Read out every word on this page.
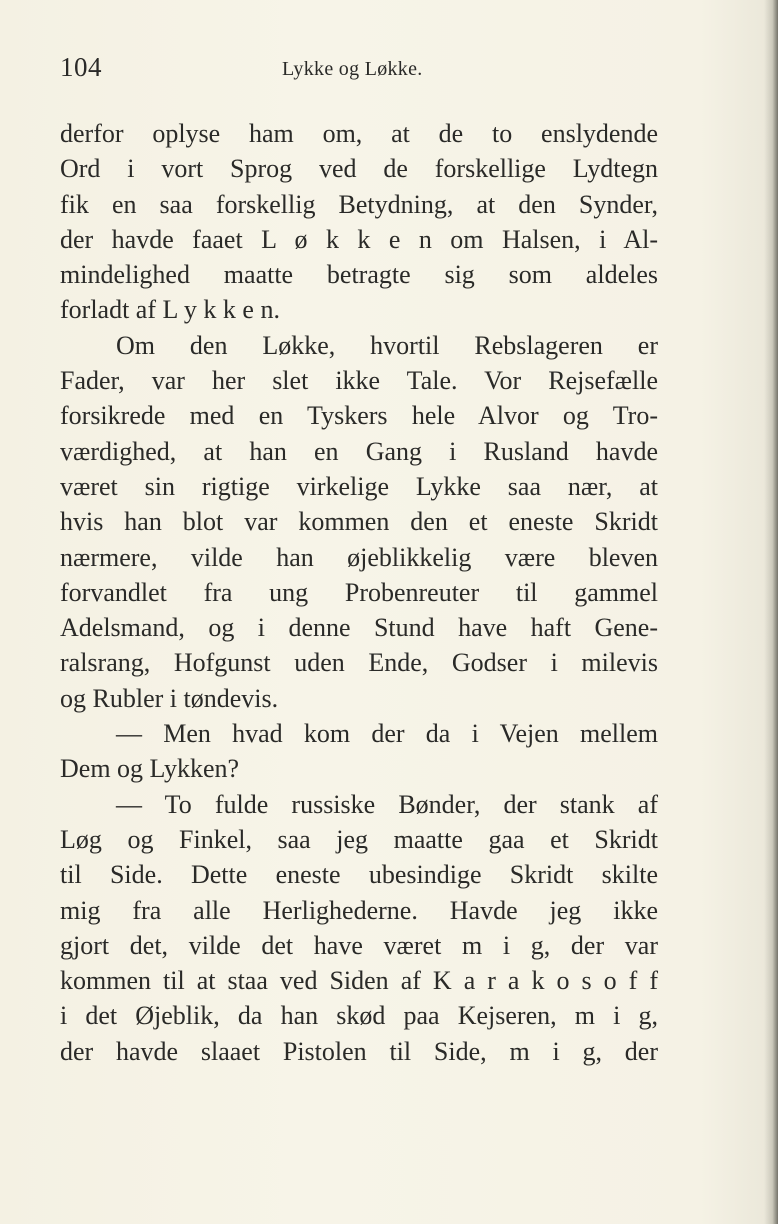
104	Lykke og Løkke.
derfor oplyse ham om, at de to enslydende
Ord i vort Sprog ved de forskellige Lydtegn
fik en saa forskellig Betydning, at den Synder,
der havde faaet L ø k k e n om Halsen, i Al-
mindelighed maatte betragte sig som aldeles
forladt af L y k k e n.
Om den Løkke, hvortil Rebslageren er
Fader, var her slet ikke Tale. Vor Rejsefælle
forsikrede med en Tyskers hele Alvor og Tro-
værdighed, at han en Gang i Rusland havde
været sin rigtige virkelige Lykke saa nær, at
hvis han blot var kommen den et eneste Skridt
nærmere, vilde han øjeblikkelig være bleven
forvandlet fra ung Probenreuter til gammel
Adelsmand, og i denne Stund have haft Gene-
ralsrang, Hofgunst uden Ende, Godser i milevis
og Rubler i tøndevis.
— Men hvad kom der da i Vejen mellem
Dem og Lykken?
— To fulde russiske Bønder, der stank af
Løg og Finkel, saa jeg maatte gaa et Skridt
til Side. Dette eneste ubesindige Skridt skilte
mig fra alle Herlighederne. Havde jeg ikke
gjort det, vilde det have været m i g, der var
kommen til at staa ved Siden af K a r a k o s o f f
i det Øjeblik, da han skød paa Kejseren, m i g,
der havde slaaet Pistolen til Side, m i g, der
